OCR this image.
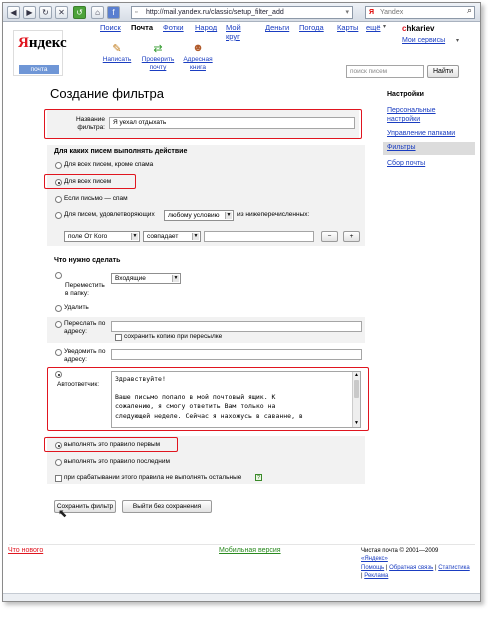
◀	▶	↻	✕	↺	⌂	f	▫ http://mail.yandex.ru/classic/setup_filter_add	▾	Я Yandex	⌕
Яндекс
почта
Поиск Почта Фотки Народ Мой круг
Деньги Погода Карты ещё ▾ chkariev
Мои сервисы ▾
✎
Написать
⇄
Проверить почту
☻
Адресная книга
поиск писем	Найти
Создание фильтра
Название фильтра:
Я уехал отдыхать
Для каких писем выполнять действие
Для всех писем, кроме спама
Для всех писем
Если письмо — спам
Для писем, удовлетворяющих	любому условию	▼ из нижеперечисленных:
поле От Кого	▼	совпадает	▼	−	+
Что нужно сделать
Переместить в папку:
Входящие	▼
Удалить
Переслать по адресу:
сохранить копию при пересылке
Уведомить по адресу:
Автоответчик:
Здравствуйте!
Ваше письмо попало в мой почтовый ящик. К
сожалению, я смогу ответить Вам только на
следующей неделе. Сейчас я нахожусь в саванне, в
▲
▼
выполнять это правило первым
выполнять это правило последним
при срабатывании этого правила не выполнять остальные	?
Сохранить фильтр	Выйти без сохранения
⬉
Настройки
Персональные настройки
Управление папками
Фильтры
Сбор почты
Что нового	Мобильная версия	Чистая почта © 2001—2009
«Яндекс»
Помощь | Обратная связь | Статистика | Реклама
